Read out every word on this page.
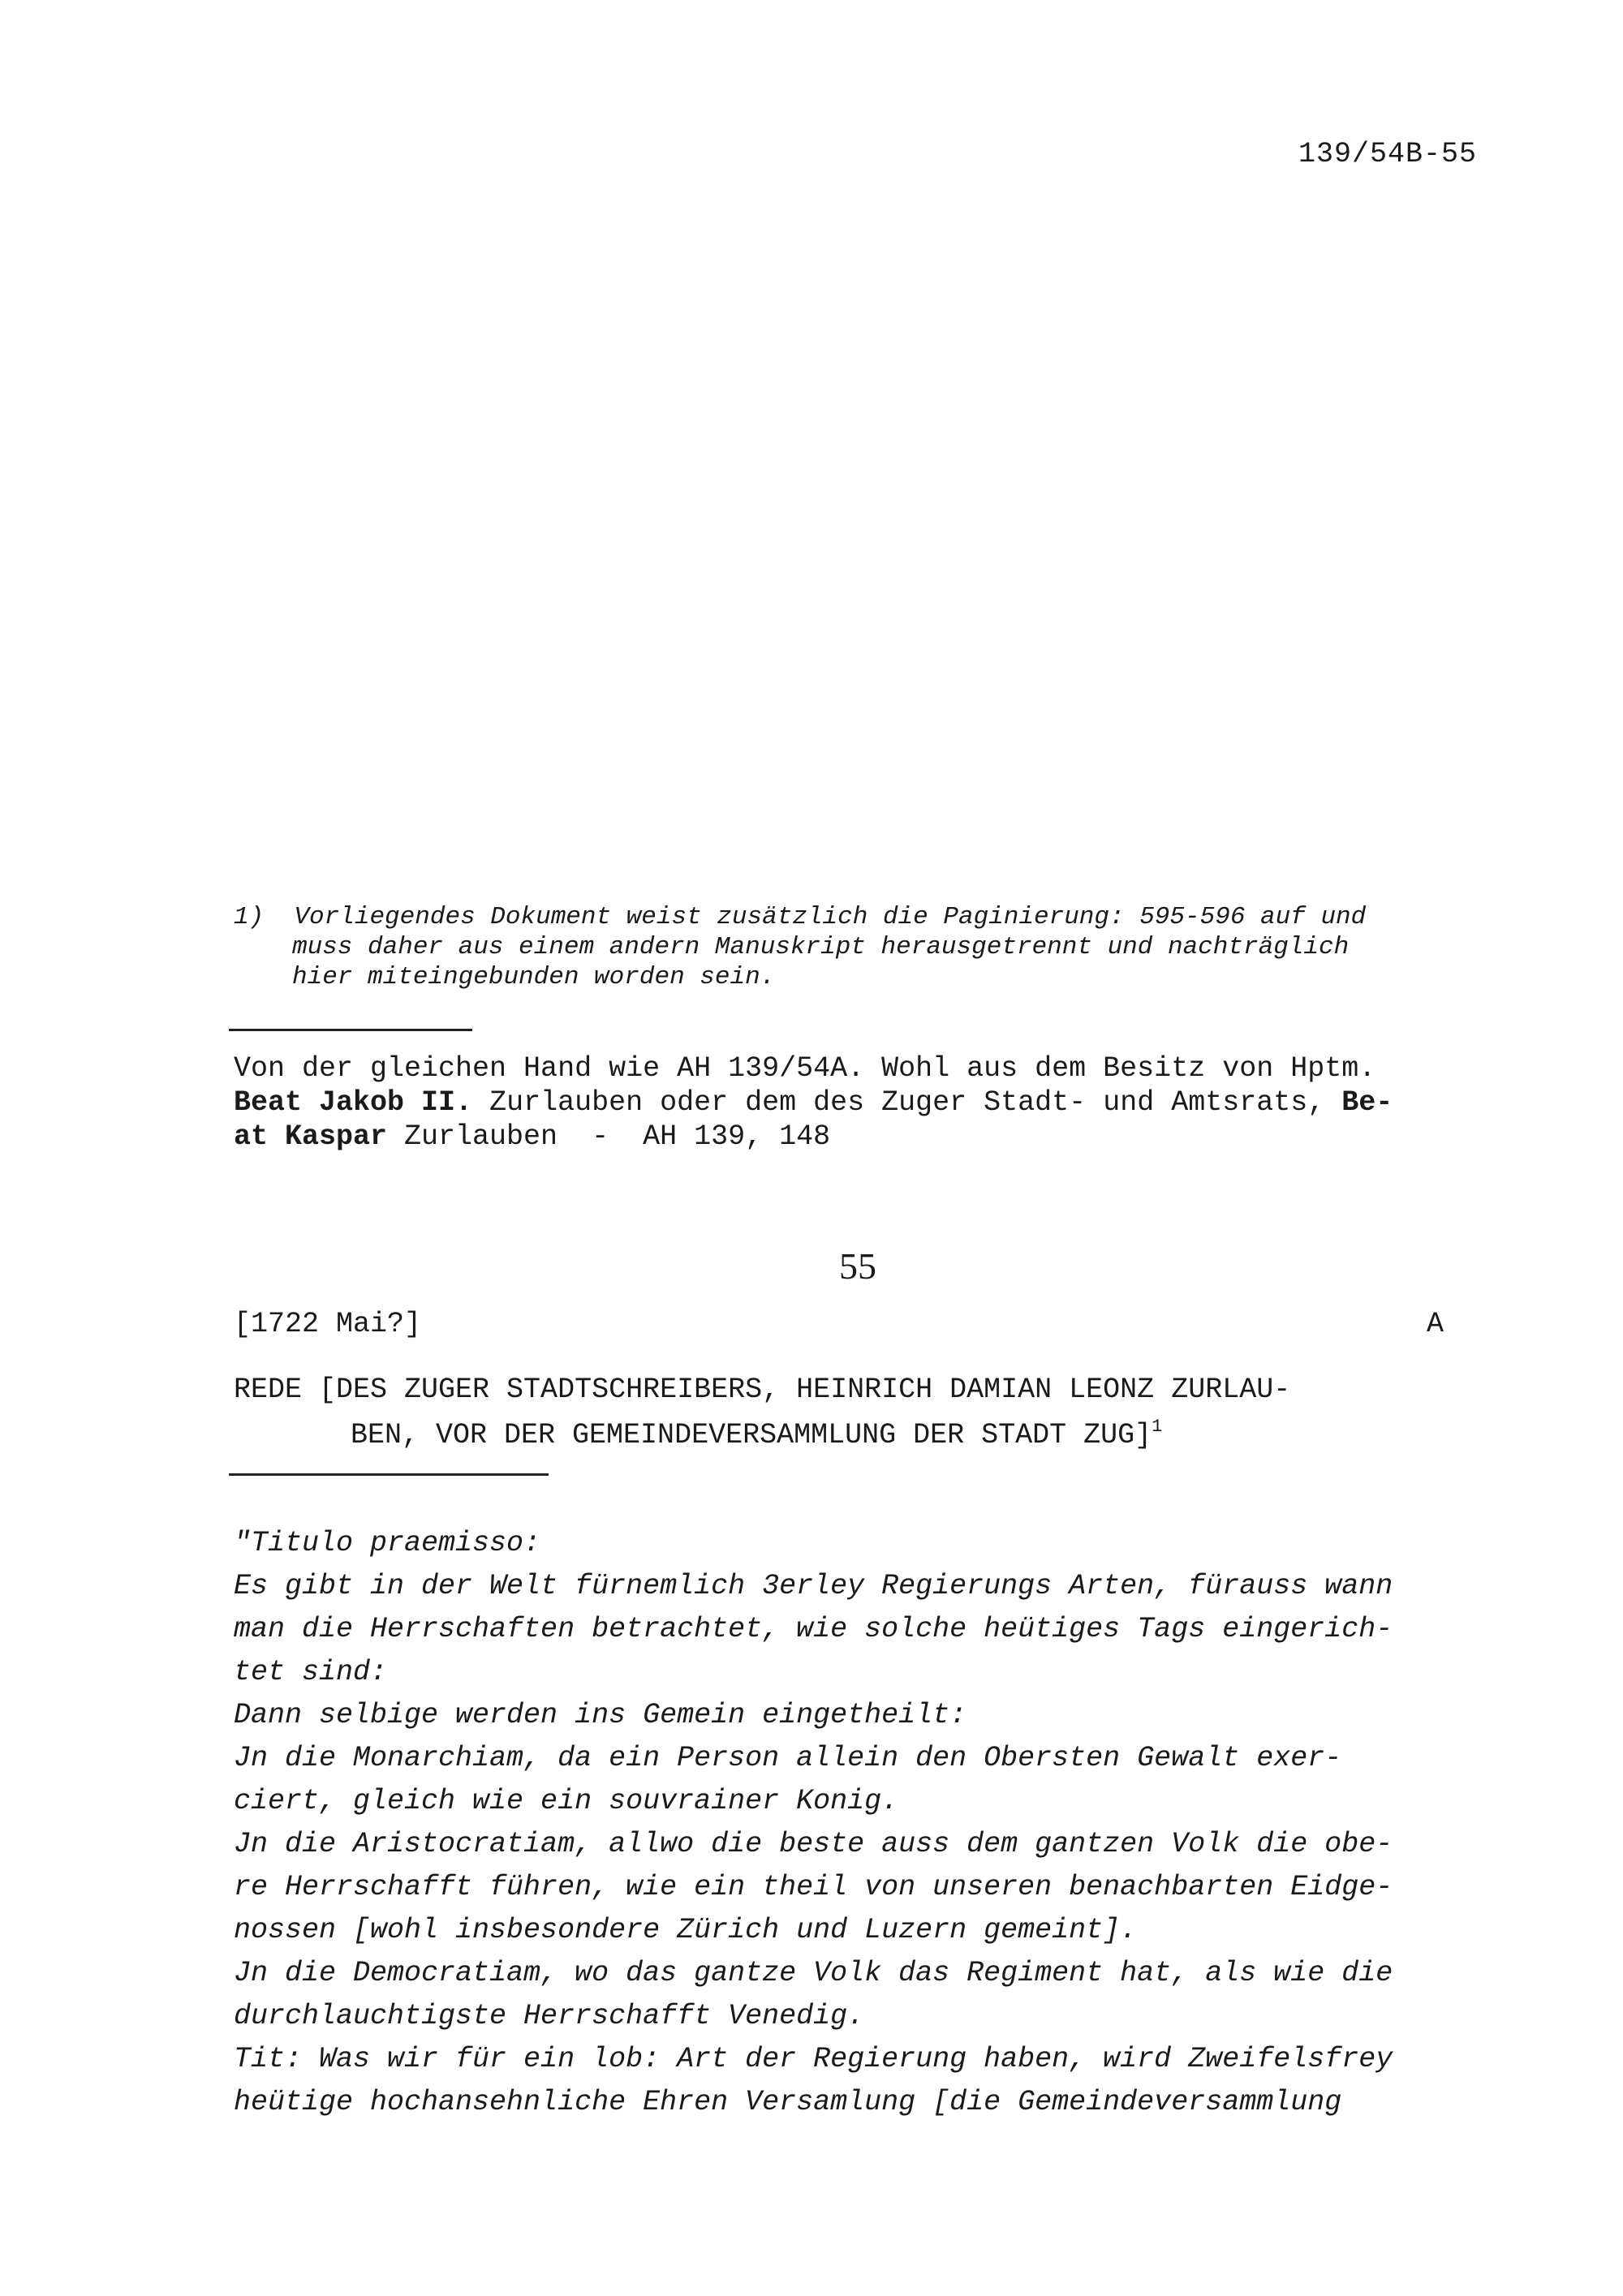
139/54B-55
1) Vorliegendes Dokument weist zusätzlich die Paginierung: 595-596 auf und
muss daher aus einem andern Manuskript herausgetrennt und nachträglich
hier miteingebunden worden sein.
Von der gleichen Hand wie AH 139/54A. Wohl aus dem Besitz von Hptm.
Beat Jakob II. Zurlauben oder dem des Zuger Stadt- und Amtsrats, Be-
at Kaspar Zurlauben  -  AH 139, 148
55
[1722 Mai?]	A
REDE [DES ZUGER STADTSCHREIBERS, HEINRICH DAMIAN LEONZ ZURLAU-
BEN, VOR DER GEMEINDEVERSAMMLUNG DER STADT ZUG]$^1$
"Titulo praemisso:
Es gibt in der Welt fürnemlich 3erley Regierungs Arten, fürauss wann
man die Herrschaften betrachtet, wie solche heütiges Tags eingerich-
tet sind:
Dann selbige werden ins Gemein eingetheilt:
Jn die Monarchiam, da ein Person allein den Obersten Gewalt exer-
ciert, gleich wie ein souvrainer Konig.
Jn die Aristocratiam, allwo die beste auss dem gantzen Volk die obe-
re Herrschafft führen, wie ein theil von unseren benachbarten Eidge-
nossen [wohl insbesondere Zürich und Luzern gemeint].
Jn die Democratiam, wo das gantze Volk das Regiment hat, als wie die
durchlauchtigste Herrschafft Venedig.
Tit: Was wir für ein lob: Art der Regierung haben, wird Zweifelsfrey
heütige hochansehnliche Ehren Versamlung [die Gemeindeversammlung
